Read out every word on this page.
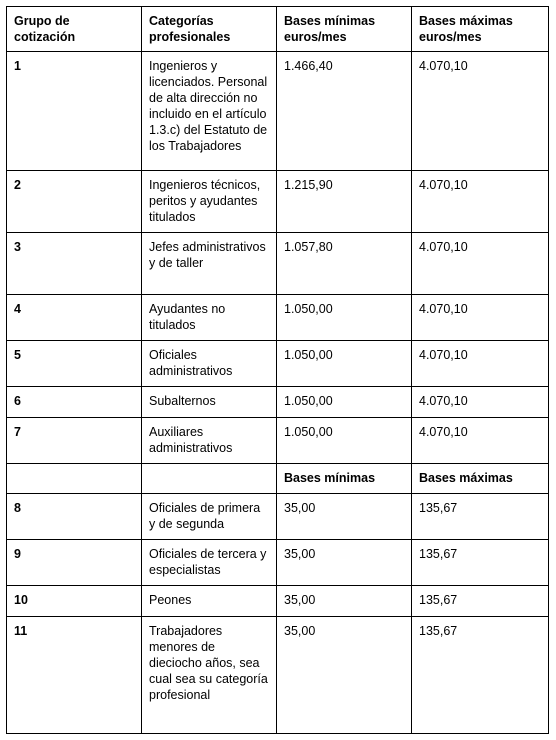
Grupo de cotización	Categorías profesionales	Bases mínimas euros/mes	Bases máximas euros/mes
1	Ingenieros y licenciados. Personal de alta dirección no incluido en el artículo 1.3.c) del Estatuto de los Trabajadores	1.466,40	4.070,10
2	Ingenieros técnicos, peritos y ayudantes titulados	1.215,90	4.070,10
3	Jefes administrativos y de taller	1.057,80	4.070,10
4	Ayudantes no titulados	1.050,00	4.070,10
5	Oficiales administrativos	1.050,00	4.070,10
6	Subalternos	1.050,00	4.070,10
7	Auxiliares administrativos	1.050,00	4.070,10
		Bases mínimas	Bases máximas
8	Oficiales de primera y de segunda	35,00	135,67
9	Oficiales de tercera y especialistas	35,00	135,67
10	Peones	35,00	135,67
11	Trabajadores menores de dieciocho años, sea cual sea su categoría profesional	35,00	135,67
